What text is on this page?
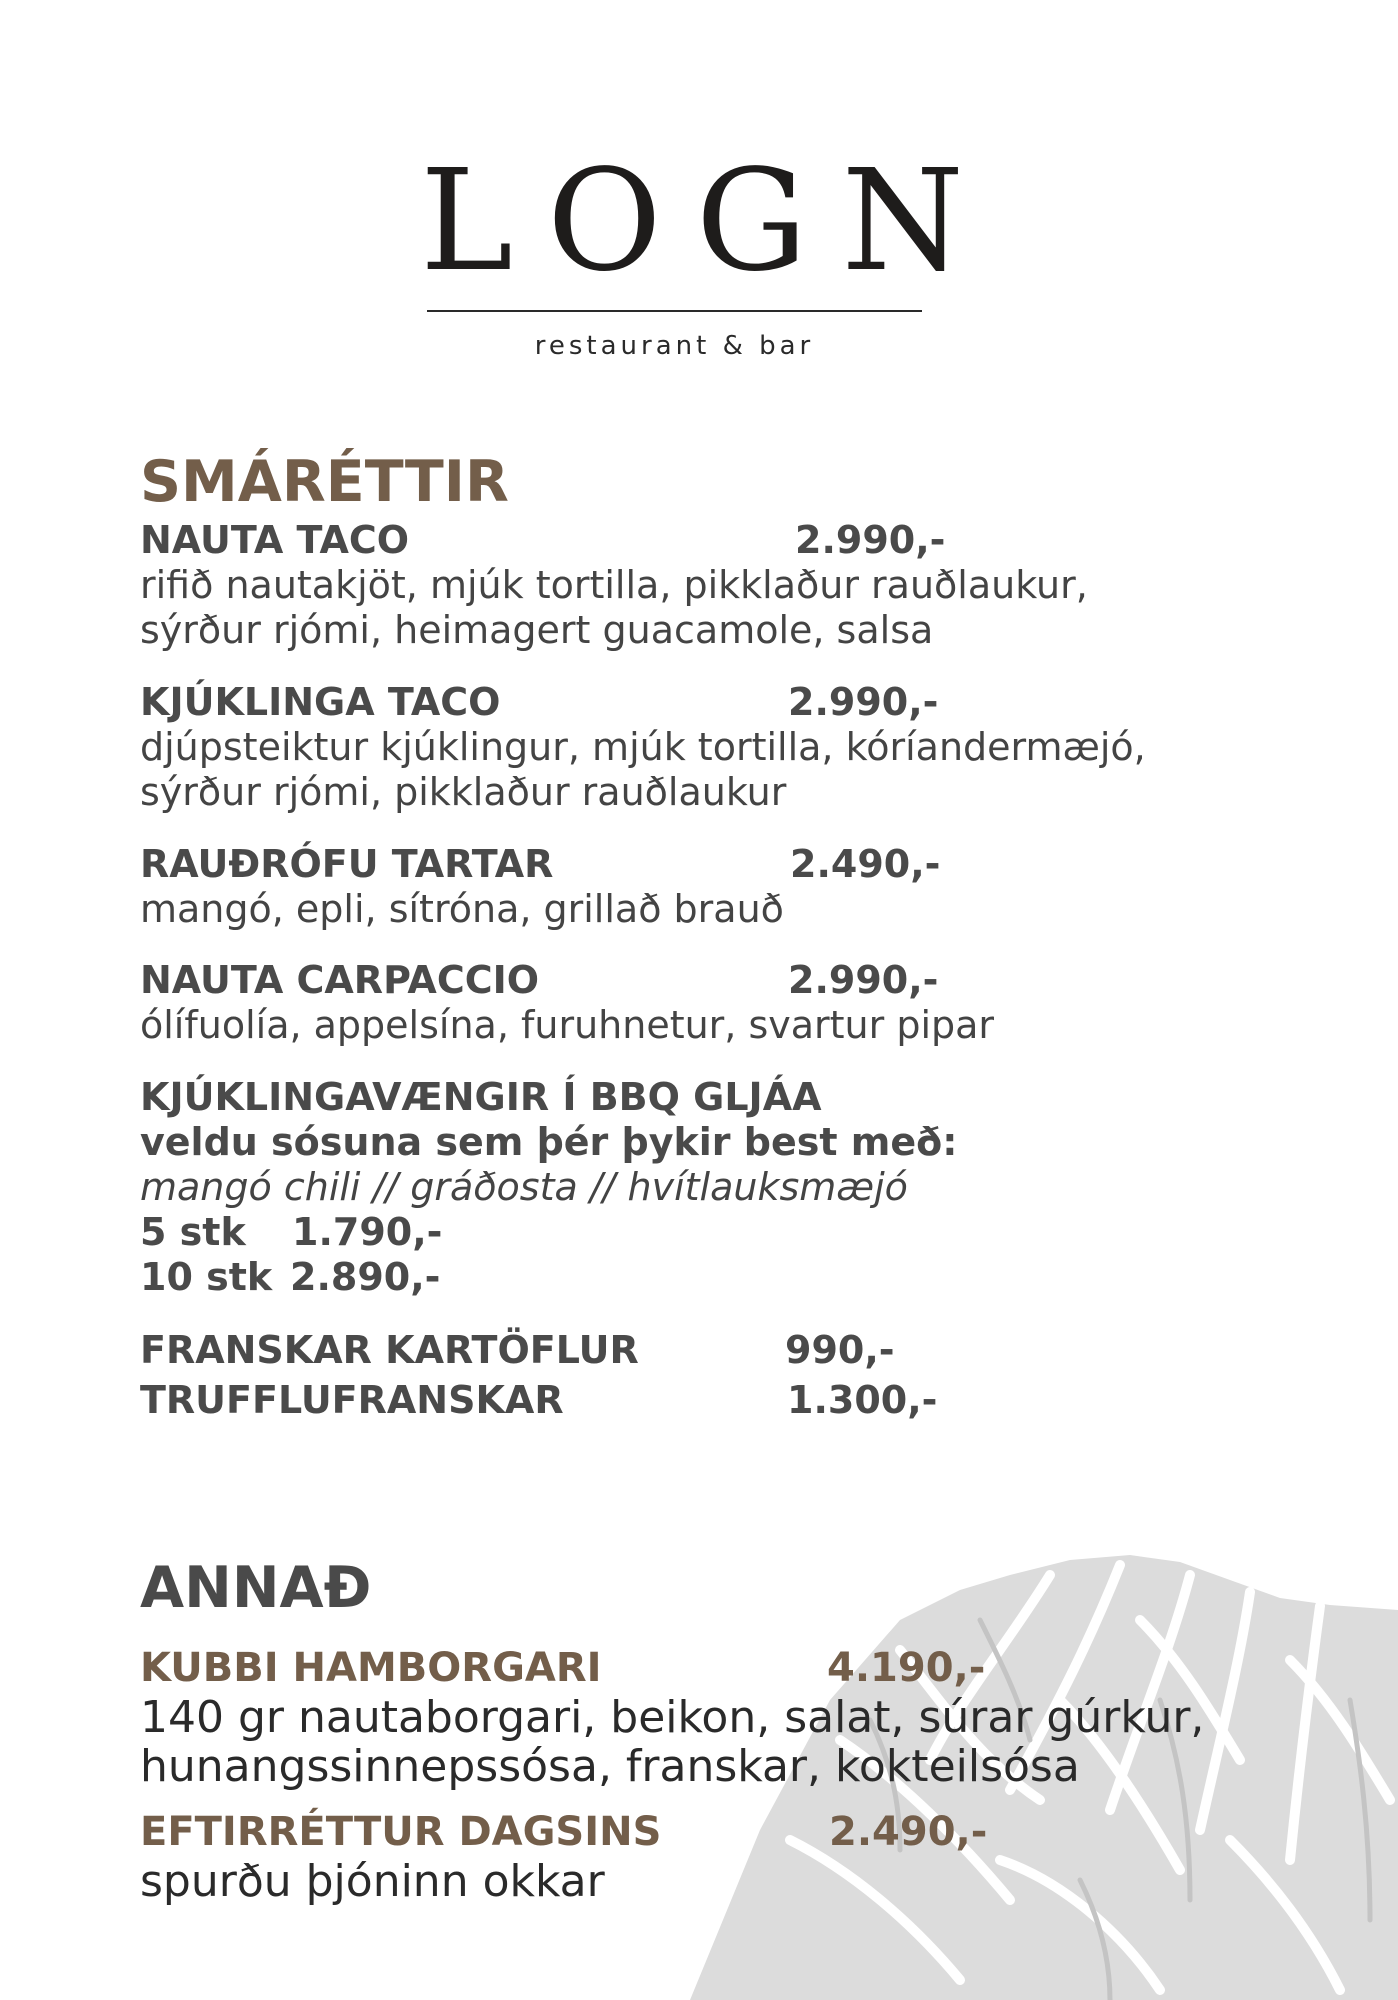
LOGN
restaurant & bar
SMÁRÉTTIR
NAUTA TACO	2.990,-
rifið nautakjöt, mjúk tortilla, pikklaður rauðlaukur,
sýrður rjómi, heimagert guacamole, salsa
KJÚKLINGA TACO	2.990,-
djúpsteiktur kjúklingur, mjúk tortilla, kóríandermæjó,
sýrður rjómi, pikklaður rauðlaukur
RAUÐRÓFU TARTAR	2.490,-
mangó, epli, sítróna, grillað brauð
NAUTA CARPACCIO	2.990,-
ólífuolía, appelsína, furuhnetur, svartur pipar
KJÚKLINGAVÆNGIR Í BBQ GLJÁA
veldu sósuna sem þér þykir best með:
mangó chili // gráðosta // hvítlauksmæjó
5 stk 1.790,-
10 stk 2.890,-
FRANSKAR KARTÖFLUR	990,-
TRUFFLUFRANSKAR	1.300,-
ANNAÐ
KUBBI HAMBORGARI	4.190,-
140 gr nautaborgari, beikon, salat, súrar gúrkur,
hunangssinnepssósa, franskar, kokteilsósa
EFTIRRÉTTUR DAGSINS	2.490,-
spurðu þjóninn okkar
